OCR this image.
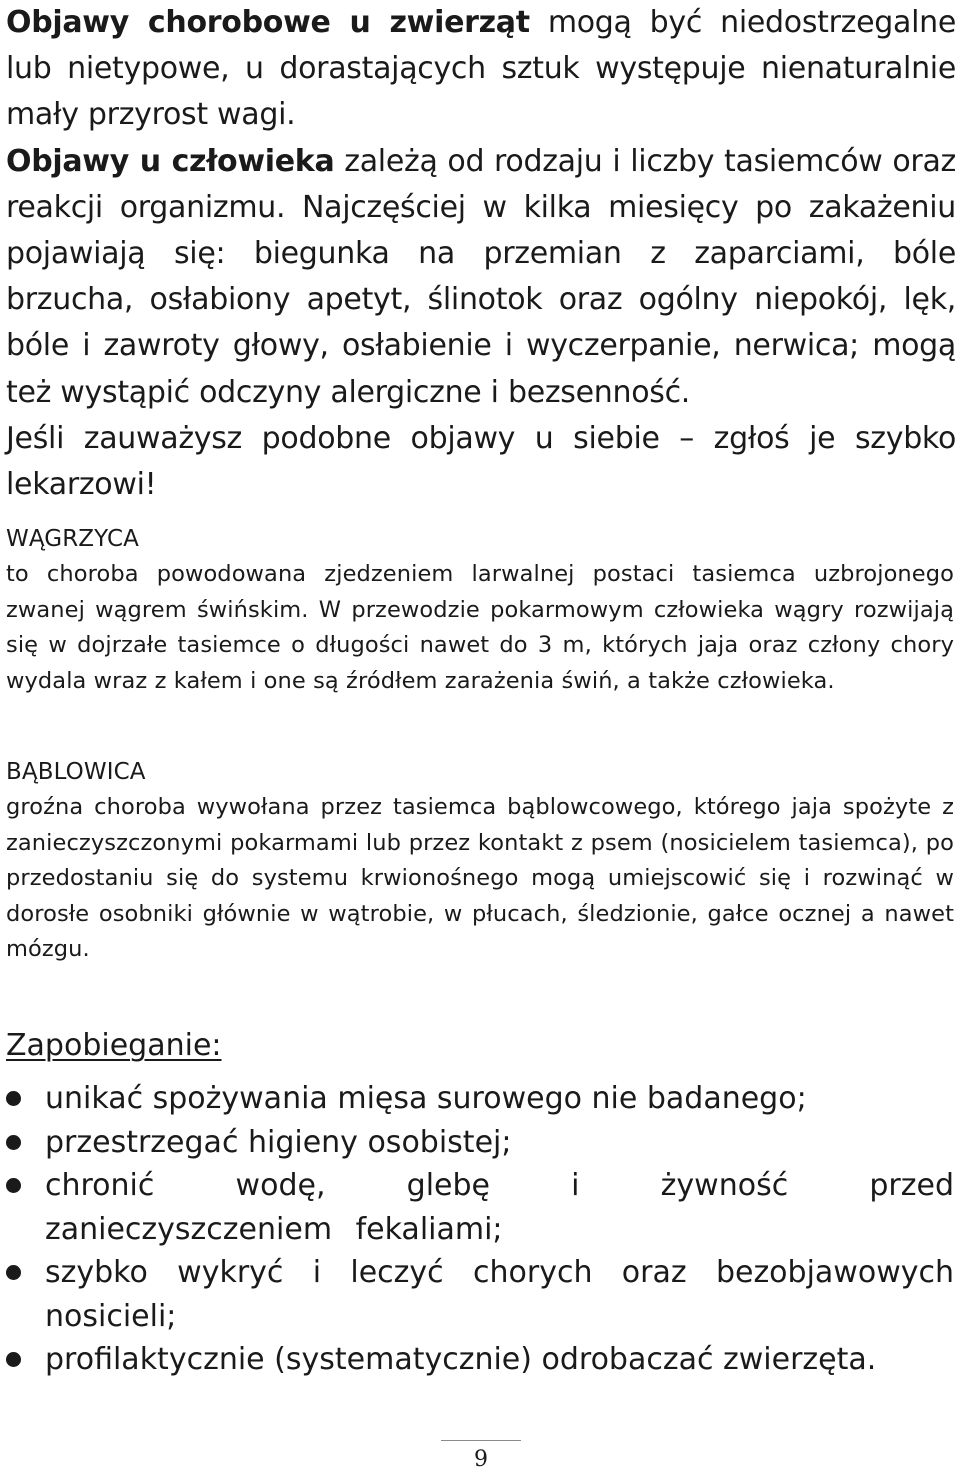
Objawy chorobowe u zwierząt mogą być niedostrzegalne lub nietypowe, u dorastających sztuk występuje nienaturalnie mały przyrost wagi.

Objawy u człowieka zależą od rodzaju i liczby tasiemców oraz reakcji organizmu. Najczęściej w kilka miesięcy po zakażeniu pojawiają się: biegunka na przemian z zaparciami, bóle brzucha, osłabiony apetyt, ślinotok oraz ogólny niepokój, lęk, bóle i zawroty głowy, osłabienie i wyczerpanie, nerwica; mogą też wystąpić odczyny alergiczne i bezsenność.

Jeśli zauważysz podobne objawy u siebie – zgłoś je szybko lekarzowi!

WĄGRZYCA

to choroba powodowana zjedzeniem larwalnej postaci tasiemca uzbrojonego zwanej wągrem świńskim. W przewodzie pokarmowym człowieka wągry rozwijają się w dojrzałe tasiemce o długości nawet do 3 m, których jaja oraz człony chory wydala wraz z kałem i one są źródłem zarażenia świń, a także człowieka.

BĄBLOWICA

groźna choroba wywołana przez tasiemca bąblowcowego, którego jaja spożyte z zanieczyszczonymi pokarmami lub przez kontakt z psem (nosicielem tasiemca), po przedostaniu się do systemu krwionośnego mogą umiejscowić się i rozwinąć w dorosłe osobniki głównie w wątrobie, w płucach, śledzionie, gałce ocznej a nawet mózgu.

Zapobieganie:
unikać spożywania mięsa surowego nie badanego;
przestrzegać higieny osobistej;
chronić wodę, glebę i żywność przed zanieczyszczeniem fekaliami;
szybko wykryć i leczyć chorych oraz bezobjawowych nosicieli;
profilaktycznie (systematycznie) odrobaczać zwierzęta.
9
